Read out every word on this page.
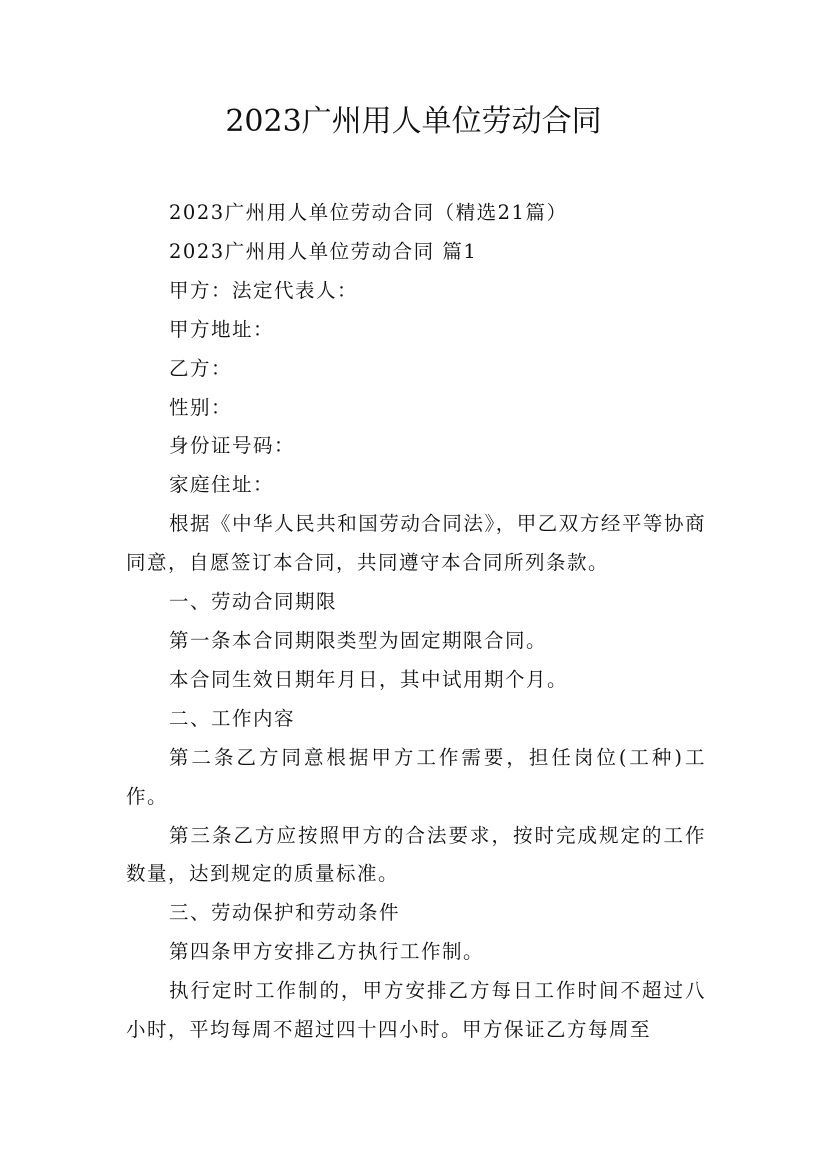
2023广州用人单位劳动合同

2023广州用人单位劳动合同（精选21篇）

2023广州用人单位劳动合同 篇1

甲方：法定代表人：

甲方地址：

乙方：

性别：

身份证号码：

家庭住址：

根据《中华人民共和国劳动合同法》，甲乙双方经平等协商同意，自愿签订本合同，共同遵守本合同所列条款。

一、劳动合同期限

第一条本合同期限类型为固定期限合同。

本合同生效日期年月日，其中试用期个月。

二、工作内容

第二条乙方同意根据甲方工作需要，担任岗位(工种)工作。

第三条乙方应按照甲方的合法要求，按时完成规定的工作数量，达到规定的质量标准。

三、劳动保护和劳动条件

第四条甲方安排乙方执行工作制。

执行定时工作制的，甲方安排乙方每日工作时间不超过八小时，平均每周不超过四十四小时。甲方保证乙方每周至
